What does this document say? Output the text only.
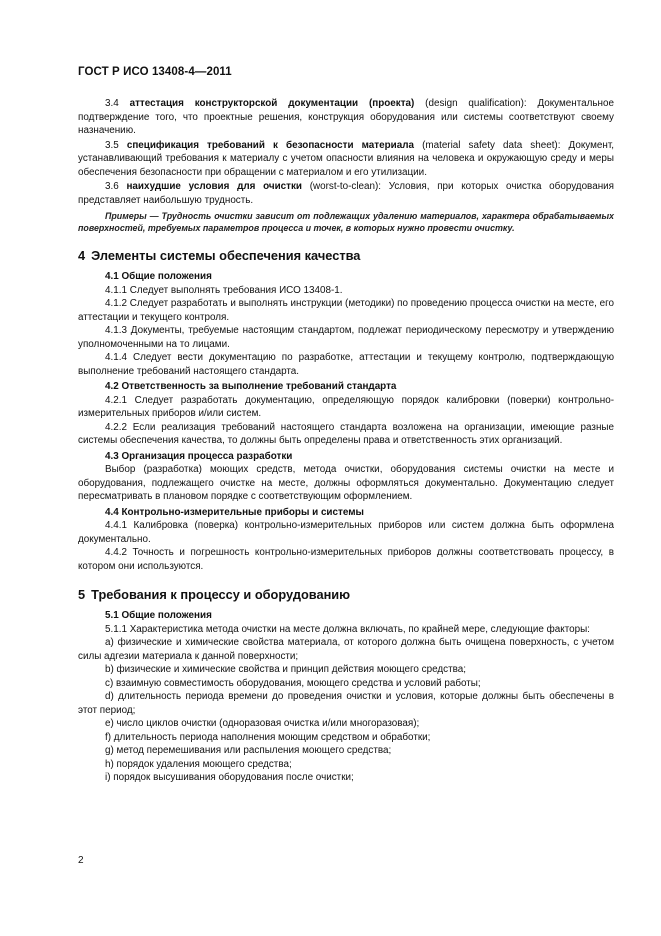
ГОСТ Р ИСО 13408-4—2011

3.4 аттестация конструкторской документации (проекта) (design qualification): Документальное подтверждение того, что проектные решения, конструкция оборудования или системы соответствуют своему назначению.

3.5 спецификация требований к безопасности материала (material safety data sheet): Документ, устанавливающий требования к материалу с учетом опасности влияния на человека и окружающую среду и меры обеспечения безопасности при обращении с материалом и его утилизации.

3.6 наихудшие условия для очистки (worst-to-clean): Условия, при которых очистка оборудования представляет наибольшую трудность.

Примеры — Трудность очистки зависит от подлежащих удалению материалов, характера обрабатываемых поверхностей, требуемых параметров процесса и точек, в которых нужно провести очистку.

4 Элементы системы обеспечения качества
4.1 Общие положения

4.1.1 Следует выполнять требования ИСО 13408-1.

4.1.2 Следует разработать и выполнять инструкции (методики) по проведению процесса очистки на месте, его аттестации и текущего контроля.

4.1.3 Документы, требуемые настоящим стандартом, подлежат периодическому пересмотру и утверждению уполномоченными на то лицами.

4.1.4 Следует вести документацию по разработке, аттестации и текущему контролю, подтверждающую выполнение требований настоящего стандарта.

4.2 Ответственность за выполнение требований стандарта

4.2.1 Следует разработать документацию, определяющую порядок калибровки (поверки) контрольно-измерительных приборов и/или систем.

4.2.2 Если реализация требований настоящего стандарта возложена на организации, имеющие разные системы обеспечения качества, то должны быть определены права и ответственность этих организаций.

4.3 Организация процесса разработки

Выбор (разработка) моющих средств, метода очистки, оборудования системы очистки на месте и оборудования, подлежащего очистке на месте, должны оформляться документально. Документацию следует пересматривать в плановом порядке с соответствующим оформлением.

4.4 Контрольно-измерительные приборы и системы

4.4.1 Калибровка (поверка) контрольно-измерительных приборов или систем должна быть оформлена документально.

4.4.2 Точность и погрешность контрольно-измерительных приборов должны соответствовать процессу, в котором они используются.

5 Требования к процессу и оборудованию
5.1 Общие положения

5.1.1 Характеристика метода очистки на месте должна включать, по крайней мере, следующие факторы:

a) физические и химические свойства материала, от которого должна быть очищена поверхность, с учетом силы адгезии материала к данной поверхности;

b) физические и химические свойства и принцип действия моющего средства;

c) взаимную совместимость оборудования, моющего средства и условий работы;

d) длительность периода времени до проведения очистки и условия, которые должны быть обеспечены в этот период;

e) число циклов очистки (одноразовая очистка и/или многоразовая);

f) длительность периода наполнения моющим средством и обработки;

g) метод перемешивания или распыления моющего средства;

h) порядок удаления моющего средства;

i) порядок высушивания оборудования после очистки;

2
